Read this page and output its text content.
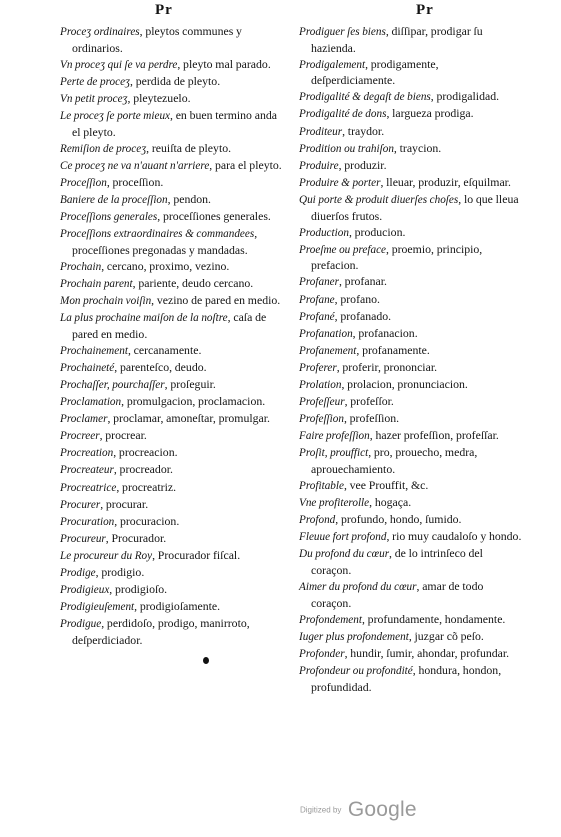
Pr	Pr
Proceʒ ordinaires, pleytos communes y ordinarios.
Vn proceʒ qui ſe va perdre, pleyto mal parado.
Perte de proceʒ, perdida de pleyto.
Vn petit proceʒ, pleytezuelo.
Le proceʒ ſe porte mieux, en buen termino anda el pleyto.
Remiſion de proceʒ, reuiſta de pleyto.
Ce proceʒ ne va n'auant n'arriere, para el pleyto.
Proceſſion, proceſſion.
Baniere de la proceſſion, pendon.
Proceſſions generales, proceſſiones generales.
Proceſſions extraordinaires & commandees, proceſſiones pregonadas y mandadas.
Prochain, cercano, proximo, vezino.
Prochain parent, pariente, deudo cercano.
Mon prochain voiſin, vezino de pared en medio.
La plus prochaine maiſon de la noſtre, caſa de pared en medio.
Prochainement, cercanamente.
Prochaineté, parenteſco, deudo.
Prochaſſer, pourchaſſer, proſeguir.
Proclamation, promulgacion, proclamacion.
Proclamer, proclamar, amoneſtar, promulgar.
Procreer, procrear.
Procreation, procreacion.
Procreateur, procreador.
Procreatrice, procreatriz.
Procurer, procurar.
Procuration, procuracion.
Procureur, Procurador.
Le procureur du Roy, Procurador fiſcal.
Prodige, prodigio.
Prodigieux, prodigioſo.
Prodigieuſement, prodigioſamente.
Prodigue, perdidoſo, prodigo, manirroto, deſperdiciador.
Prodiguer ſes biens, diſſipar, prodigar ſu hazienda.
Prodigalement, prodigamente, deſperdiciamente.
Prodigalité & degaſt de biens, prodigalidad.
Prodigalité de dons, largueza prodiga.
Proditeur, traydor.
Prodition ou trahiſon, traycion.
Produire, produzir.
Produire & porter, lleuar, produzir, eſquilmar.
Qui porte & produit diuerſes choſes, lo que lleua diuerſos frutos.
Production, producion.
Proeſme ou preface, proemio, principio, prefacion.
Profaner, profanar.
Profane, profano.
Profané, profanado.
Profanation, profanacion.
Profanement, profanamente.
Proferer, proferir, prononciar.
Prolation, prolacion, pronunciacion.
Profeſſeur, profeſſor.
Profeſſion, profeſſion.
Faire profeſſion, hazer profeſſion, profeſſar.
Proſit, prouffict, pro, prouecho, medra, aprouechamiento.
Profitable, vee Prouffit, &c.
Vne profiterolle, hogaça.
Profond, profundo, hondo, ſumido.
Fleuue fort profond, rio muy caudaloſo y hondo.
Du profond du cœur, de lo intrinſeco del coraçon.
Aimer du profond du cœur, amar de todo coraçon.
Profondement, profundamente, hondamente.
Iuger plus profondement, juzgar cõ peſo.
Profonder, hundir, ſumir, ahondar, profundar.
Profondeur ou profondité, hondura, hondon, profundidad.
Digitized by Google
